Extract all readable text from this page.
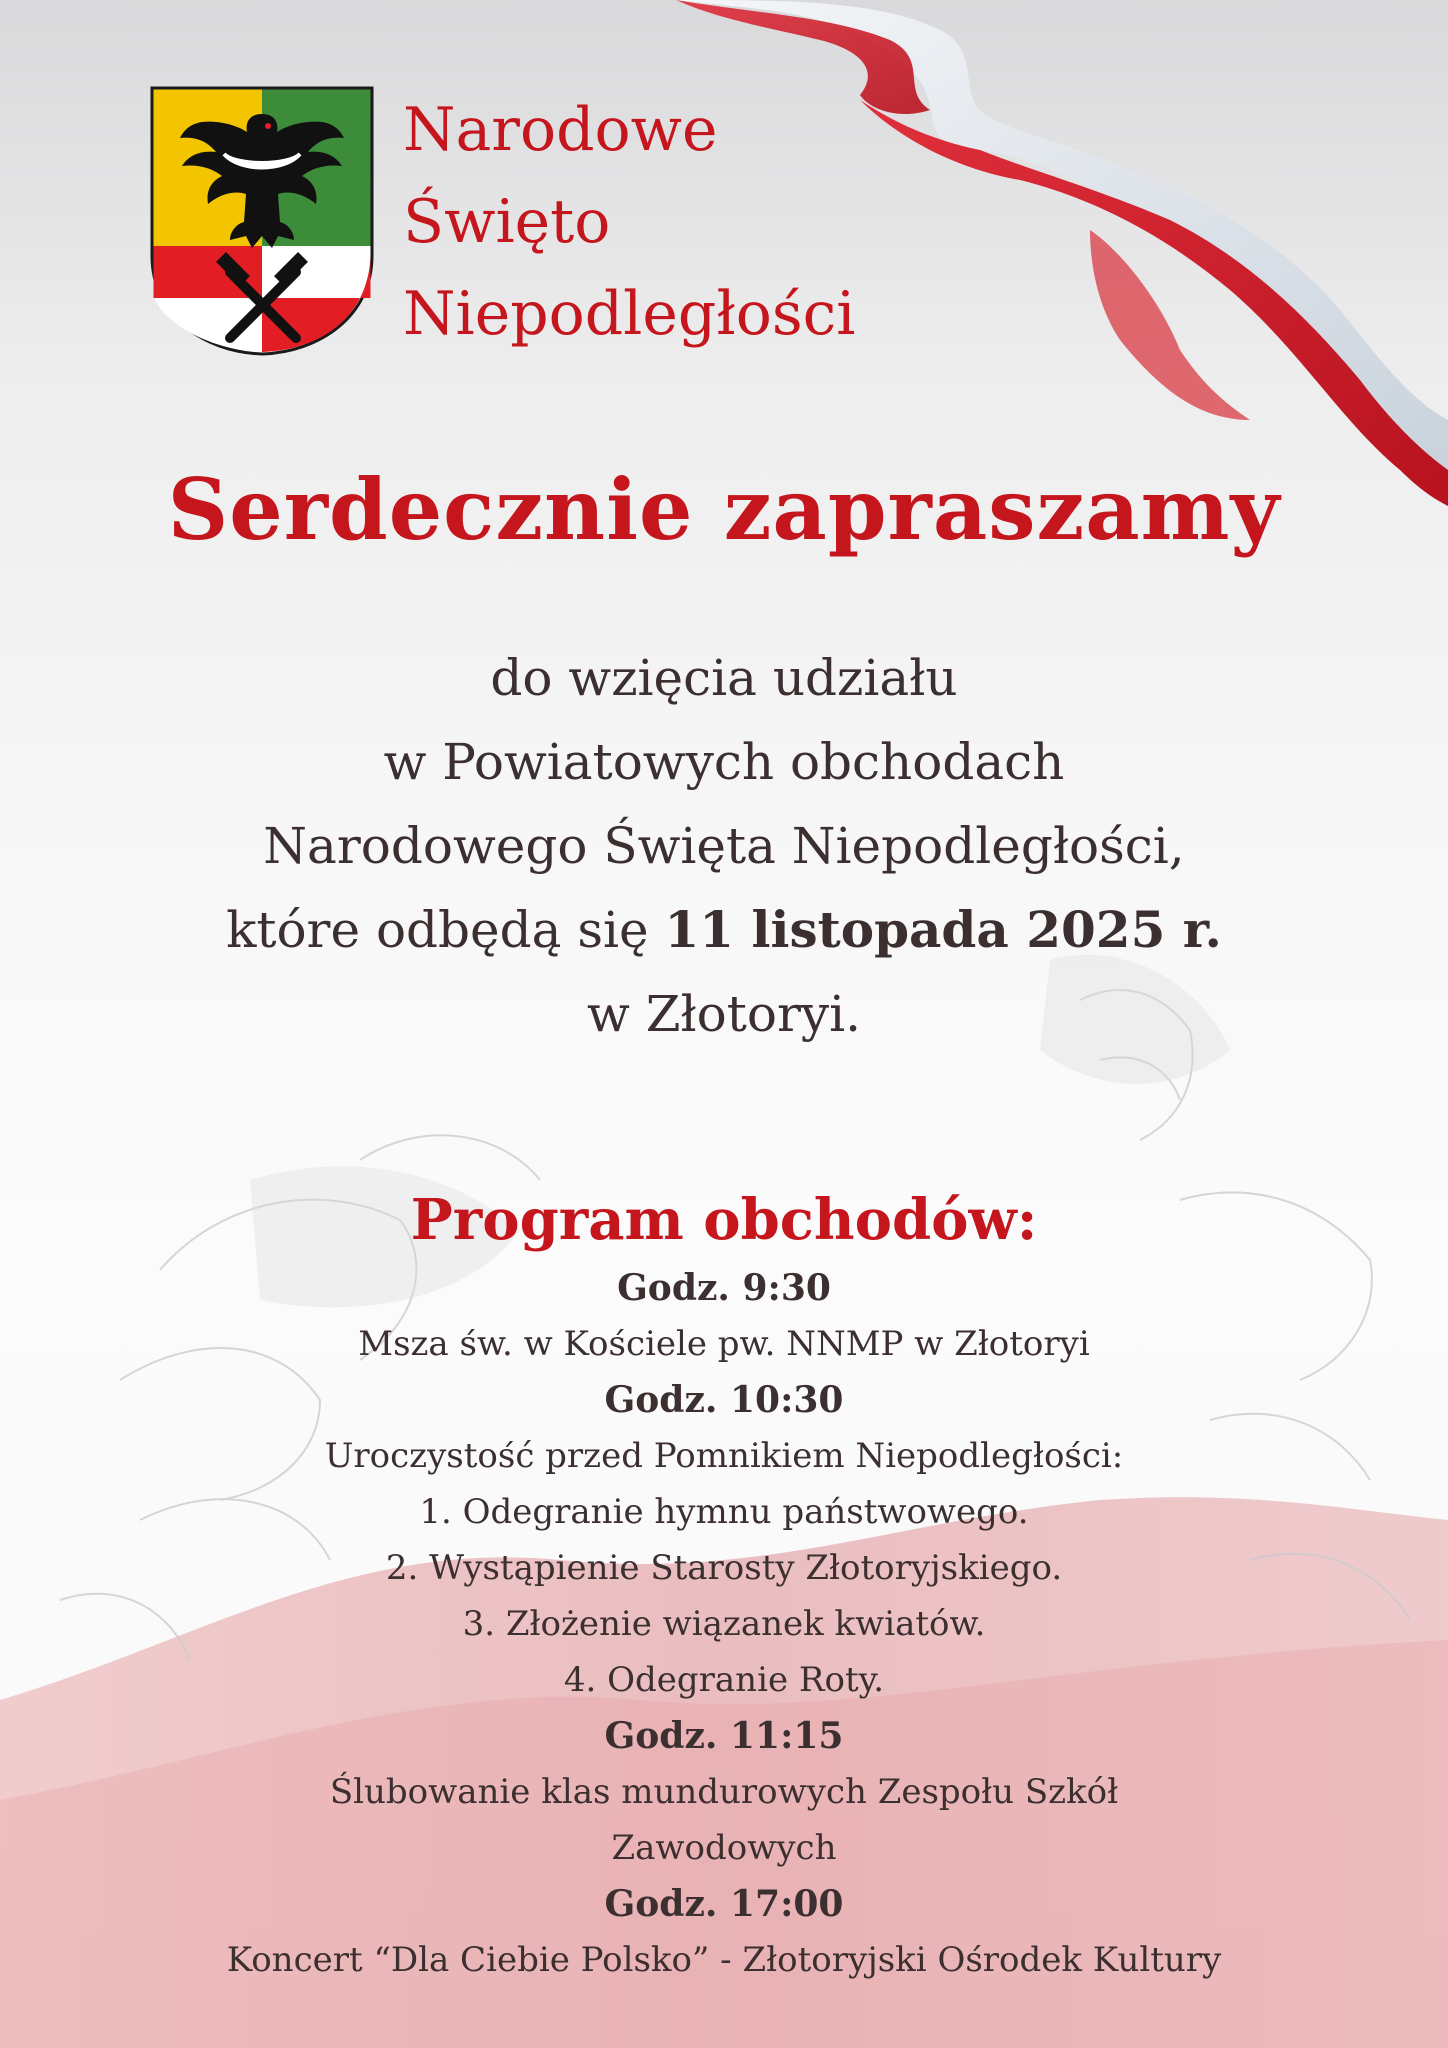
Narodowe
Święto
Niepodległości
Serdecznie zapraszamy
do wzięcia udziału
w Powiatowych obchodach
Narodowego Święta Niepodległości,
które odbędą się 11 listopada 2025 r.
w Złotoryi.
Program obchodów:
Godz. 9:30
Msza św. w Kościele pw. NNMP w Złotoryi
Godz. 10:30
Uroczystość przed Pomnikiem Niepodległości:
1. Odegranie hymnu państwowego.
2. Wystąpienie Starosty Złotoryjskiego.
3. Złożenie wiązanek kwiatów.
4. Odegranie Roty.
Godz. 11:15
Ślubowanie klas mundurowych Zespołu Szkół
Zawodowych
Godz. 17:00
Koncert “Dla Ciebie Polsko” - Złotoryjski Ośrodek Kultury
